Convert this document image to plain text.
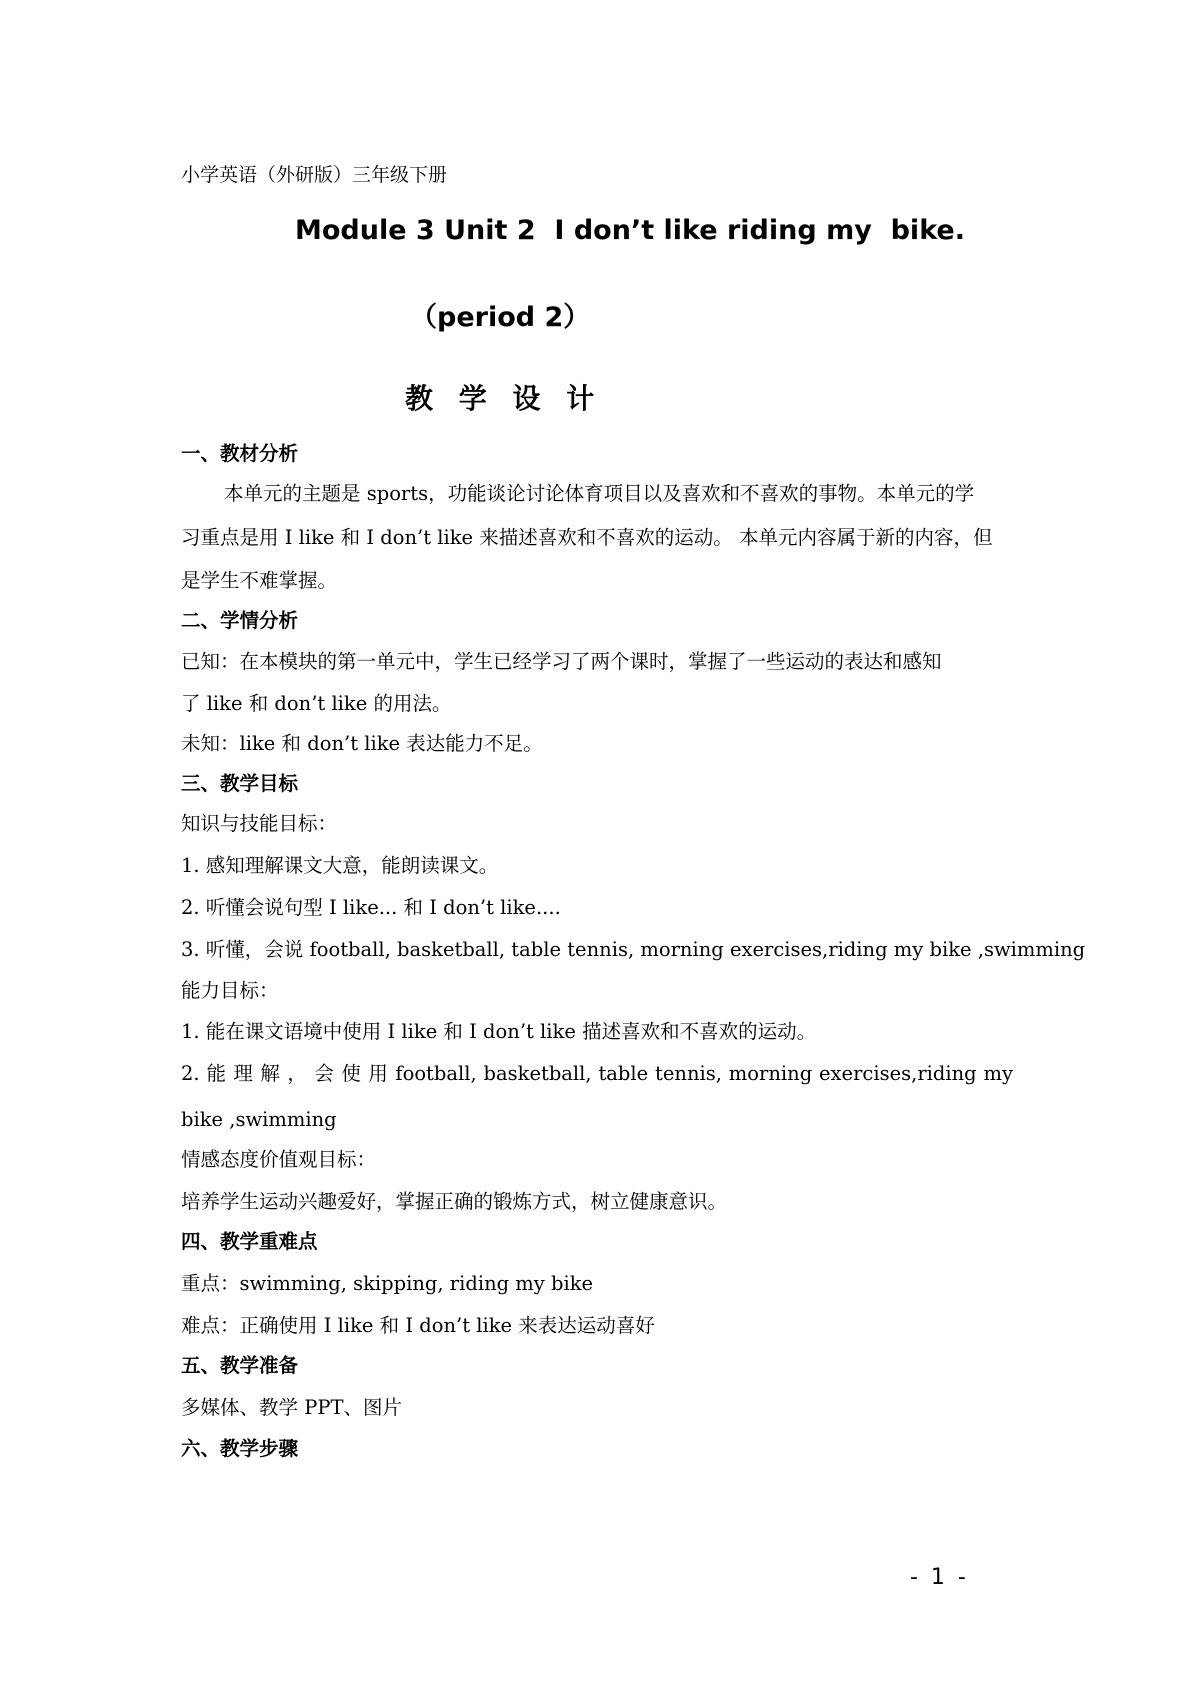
小学英语（外研版）三年级下册
Module 3 Unit 2  I don’t like riding my  bike.
（period 2）
教 学 设 计
一、教材分析
本单元的主题是 sports，功能谈论讨论体育项目以及喜欢和不喜欢的事物。本单元的学
习重点是用 I like 和 I don’t like 来描述喜欢和不喜欢的运动。 本单元内容属于新的内容，但
是学生不难掌握。
二、学情分析
已知：在本模块的第一单元中，学生已经学习了两个课时，掌握了一些运动的表达和感知
了 like 和 don’t like 的用法。
未知：like 和 don’t like 表达能力不足。
三、教学目标
知识与技能目标：
1. 感知理解课文大意，能朗读课文。
2. 听懂会说句型 I like... 和 I don’t like....
3. 听懂，会说 football, basketball, table tennis, morning exercises,riding my bike ,swimming
能力目标：
1. 能在课文语境中使用 I like 和 I don’t like 描述喜欢和不喜欢的运动。
2. 能 理 解 ， 会 使 用 football, basketball, table tennis, morning exercises,riding my
bike ,swimming
情感态度价值观目标：
培养学生运动兴趣爱好，掌握正确的锻炼方式，树立健康意识。
四、教学重难点
重点：swimming, skipping, riding my bike
难点：正确使用 I like 和 I don’t like 来表达运动喜好
五、教学准备
多媒体、教学 PPT、图片
六、教学步骤
- 1 -
